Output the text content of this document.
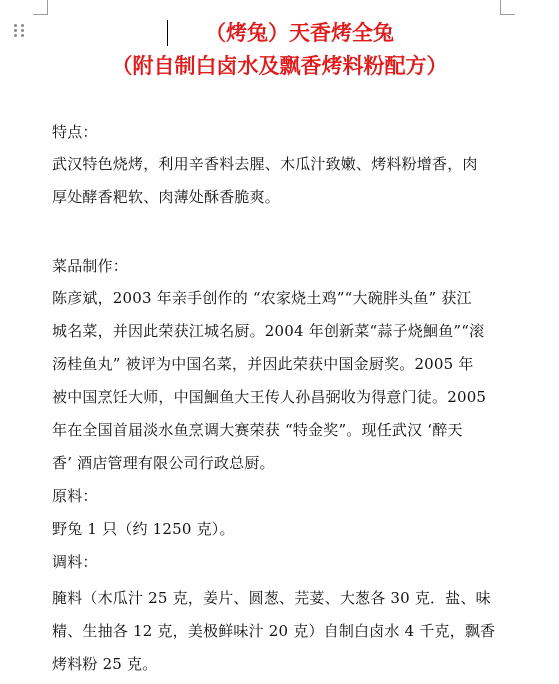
（烤兔）天香烤全兔
（附自制白卤水及飘香烤料粉配方）
特点：
武汉特色烧烤，利用辛香料去腥、木瓜汁致嫩、烤料粉增香，肉
厚处酵香粑软、肉薄处酥香脆爽。
菜品制作：
陈彦斌，2003 年亲手创作的 “农家烧土鸡”“大碗胖头鱼” 获江
城名菜，并因此荣获江城名厨。2004 年创新菜“蒜子烧鮰鱼”“滚
汤桂鱼丸” 被评为中国名菜，并因此荣获中国金厨奖。2005 年
被中国烹饪大师，中国鮰鱼大王传人孙昌弼收为得意门徒。2005
年在全国首届淡水鱼烹调大赛荣获 “特金奖”。现任武汉 ‘醉天
香’ 酒店管理有限公司行政总厨。
原料：
野兔 1 只（约 1250 克）。
调料：
腌料（木瓜汁 25 克，姜片、圆葱、芫荽、大葱各 30 克．盐、味
精、生抽各 12 克，美极鲜味汁 20 克）自制白卤水 4 千克，飘香
烤料粉 25 克。
